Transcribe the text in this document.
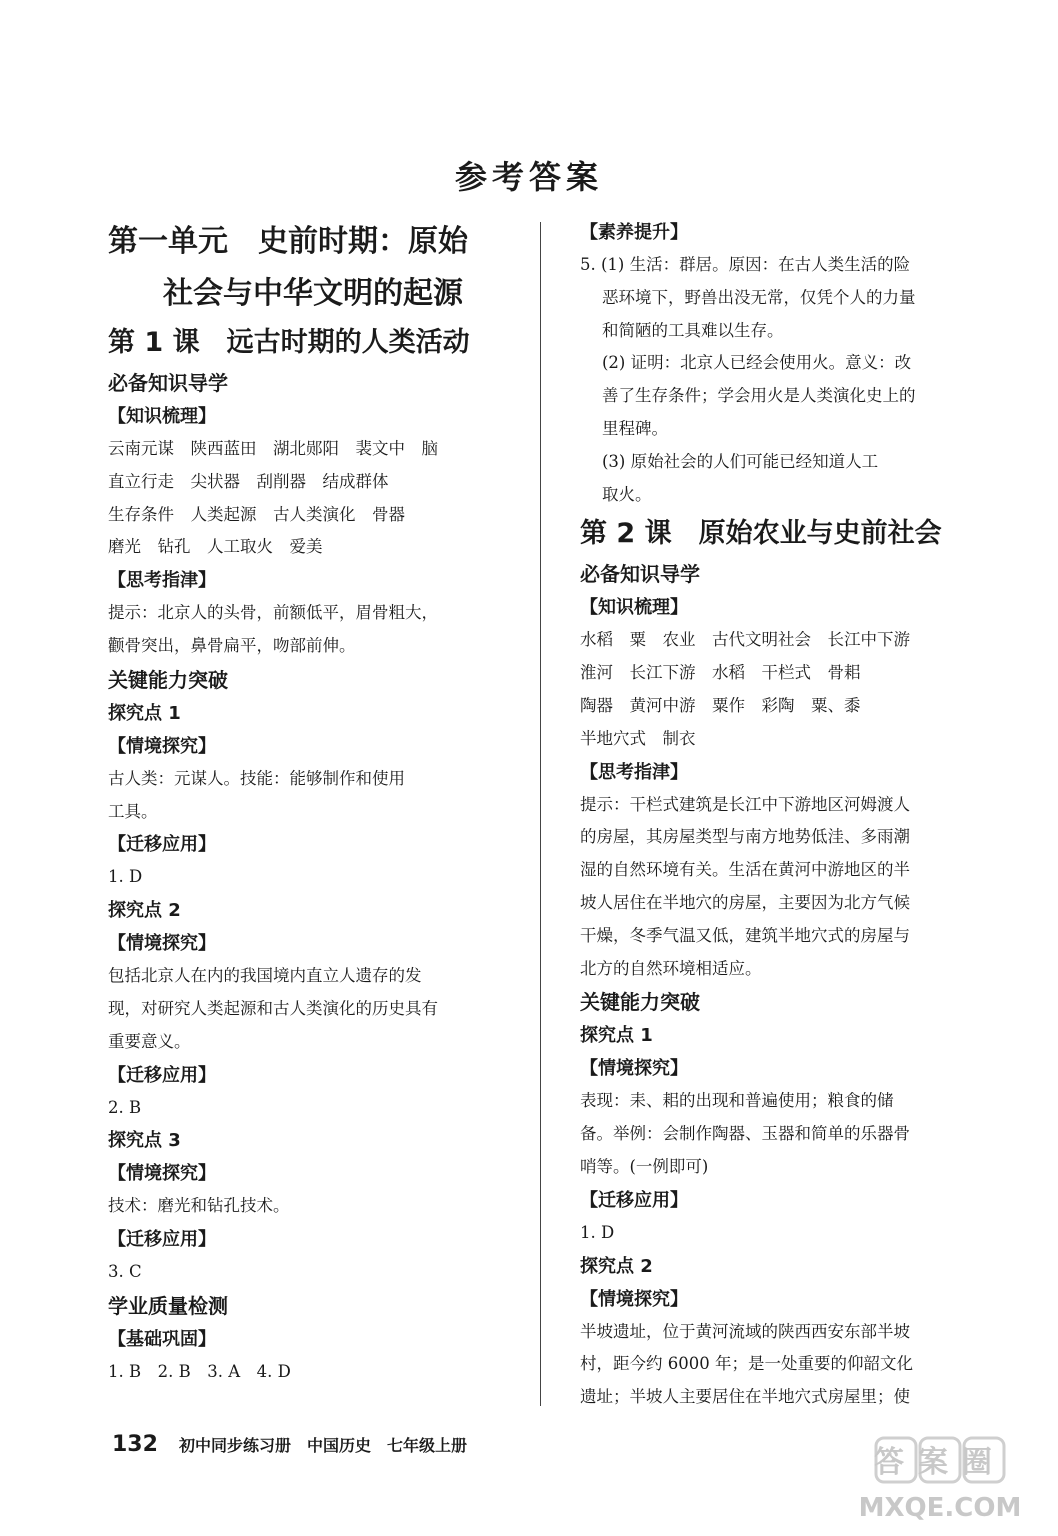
参考答案
第一单元　史前时期：原始
社会与中华文明的起源
第 1 课　远古时期的人类活动
必备知识导学
【知识梳理】
云南元谋　陕西蓝田　湖北郧阳　裴文中　脑
直立行走　尖状器　刮削器　结成群体
生存条件　人类起源　古人类演化　骨器
磨光　钻孔　人工取火　爱美
【思考指津】
提示：北京人的头骨，前额低平，眉骨粗大，
颧骨突出，鼻骨扁平，吻部前伸。
关键能力突破
探究点 1
【情境探究】
古人类：元谋人。技能：能够制作和使用
工具。
【迁移应用】
1. D
探究点 2
【情境探究】
包括北京人在内的我国境内直立人遗存的发
现，对研究人类起源和古人类演化的历史具有
重要意义。
【迁移应用】
2. B
探究点 3
【情境探究】
技术：磨光和钻孔技术。
【迁移应用】
3. C
学业质量检测
【基础巩固】
1. B　2. B　3. A　4. D
【素养提升】
5. (1) 生活：群居。原因：在古人类生活的险
恶环境下，野兽出没无常，仅凭个人的力量
和简陋的工具难以生存。
(2) 证明：北京人已经会使用火。意义：改
善了生存条件；学会用火是人类演化史上的
里程碑。
(3) 原始社会的人们可能已经知道人工
取火。
第 2 课　原始农业与史前社会
必备知识导学
【知识梳理】
水稻　粟　农业　古代文明社会　长江中下游
淮河　长江下游　水稻　干栏式　骨耜
陶器　黄河中游　粟作　彩陶　粟、黍
半地穴式　制衣
【思考指津】
提示：干栏式建筑是长江中下游地区河姆渡人
的房屋，其房屋类型与南方地势低洼、多雨潮
湿的自然环境有关。生活在黄河中游地区的半
坡人居住在半地穴的房屋，主要因为北方气候
干燥，冬季气温又低，建筑半地穴式的房屋与
北方的自然环境相适应。
关键能力突破
探究点 1
【情境探究】
表现：耒、耜的出现和普遍使用；粮食的储
备。举例：会制作陶器、玉器和简单的乐器骨
哨等。(一例即可)
【迁移应用】
1. D
探究点 2
【情境探究】
半坡遗址，位于黄河流域的陕西西安东部半坡
村，距今约 6000 年；是一处重要的仰韶文化
遗址；半坡人主要居住在半地穴式房屋里；使
132 初中同步练习册　中国历史　七年级上册	答案圈
MXQE.COM
